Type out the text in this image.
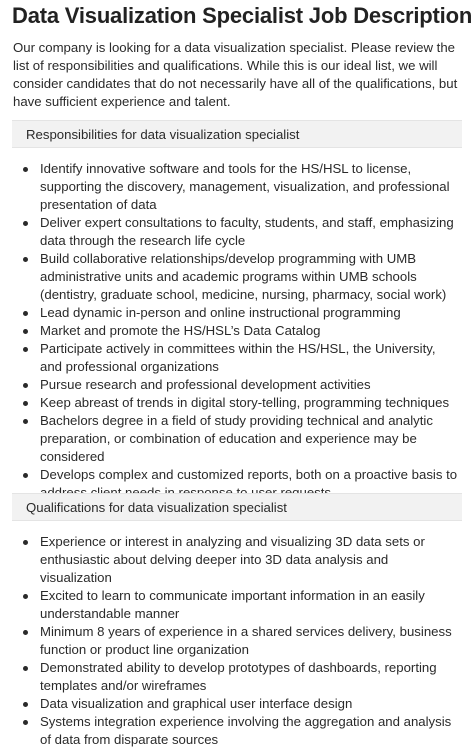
Data Visualization Specialist Job Description

Our company is looking for a data visualization specialist. Please review the list of responsibilities and qualifications. While this is our ideal list, we will consider candidates that do not necessarily have all of the qualifications, but have sufficient experience and talent.

Responsibilities for data visualization specialist
Identify innovative software and tools for the HS/HSL to license, supporting the discovery, management, visualization, and professional presentation of data
Deliver expert consultations to faculty, students, and staff, emphasizing data through the research life cycle
Build collaborative relationships/develop programming with UMB administrative units and academic programs within UMB schools (dentistry, graduate school, medicine, nursing, pharmacy, social work)
Lead dynamic in-person and online instructional programming
Market and promote the HS/HSL’s Data Catalog
Participate actively in committees within the HS/HSL, the University, and professional organizations
Pursue research and professional development activities
Keep abreast of trends in digital story-telling, programming techniques
Bachelors degree in a field of study providing technical and analytic preparation, or combination of education and experience may be considered
Develops complex and customized reports, both on a proactive basis to
Qualifications for data visualization specialist
Experience or interest in analyzing and visualizing 3D data sets or enthusiastic about delving deeper into 3D data analysis and visualization
Excited to learn to communicate important information in an easily understandable manner
Minimum 8 years of experience in a shared services delivery, business function or product line organization
Demonstrated ability to develop prototypes of dashboards, reporting templates and/or wireframes
Data visualization and graphical user interface design
Systems integration experience involving the aggregation and analysis of data from disparate sources
